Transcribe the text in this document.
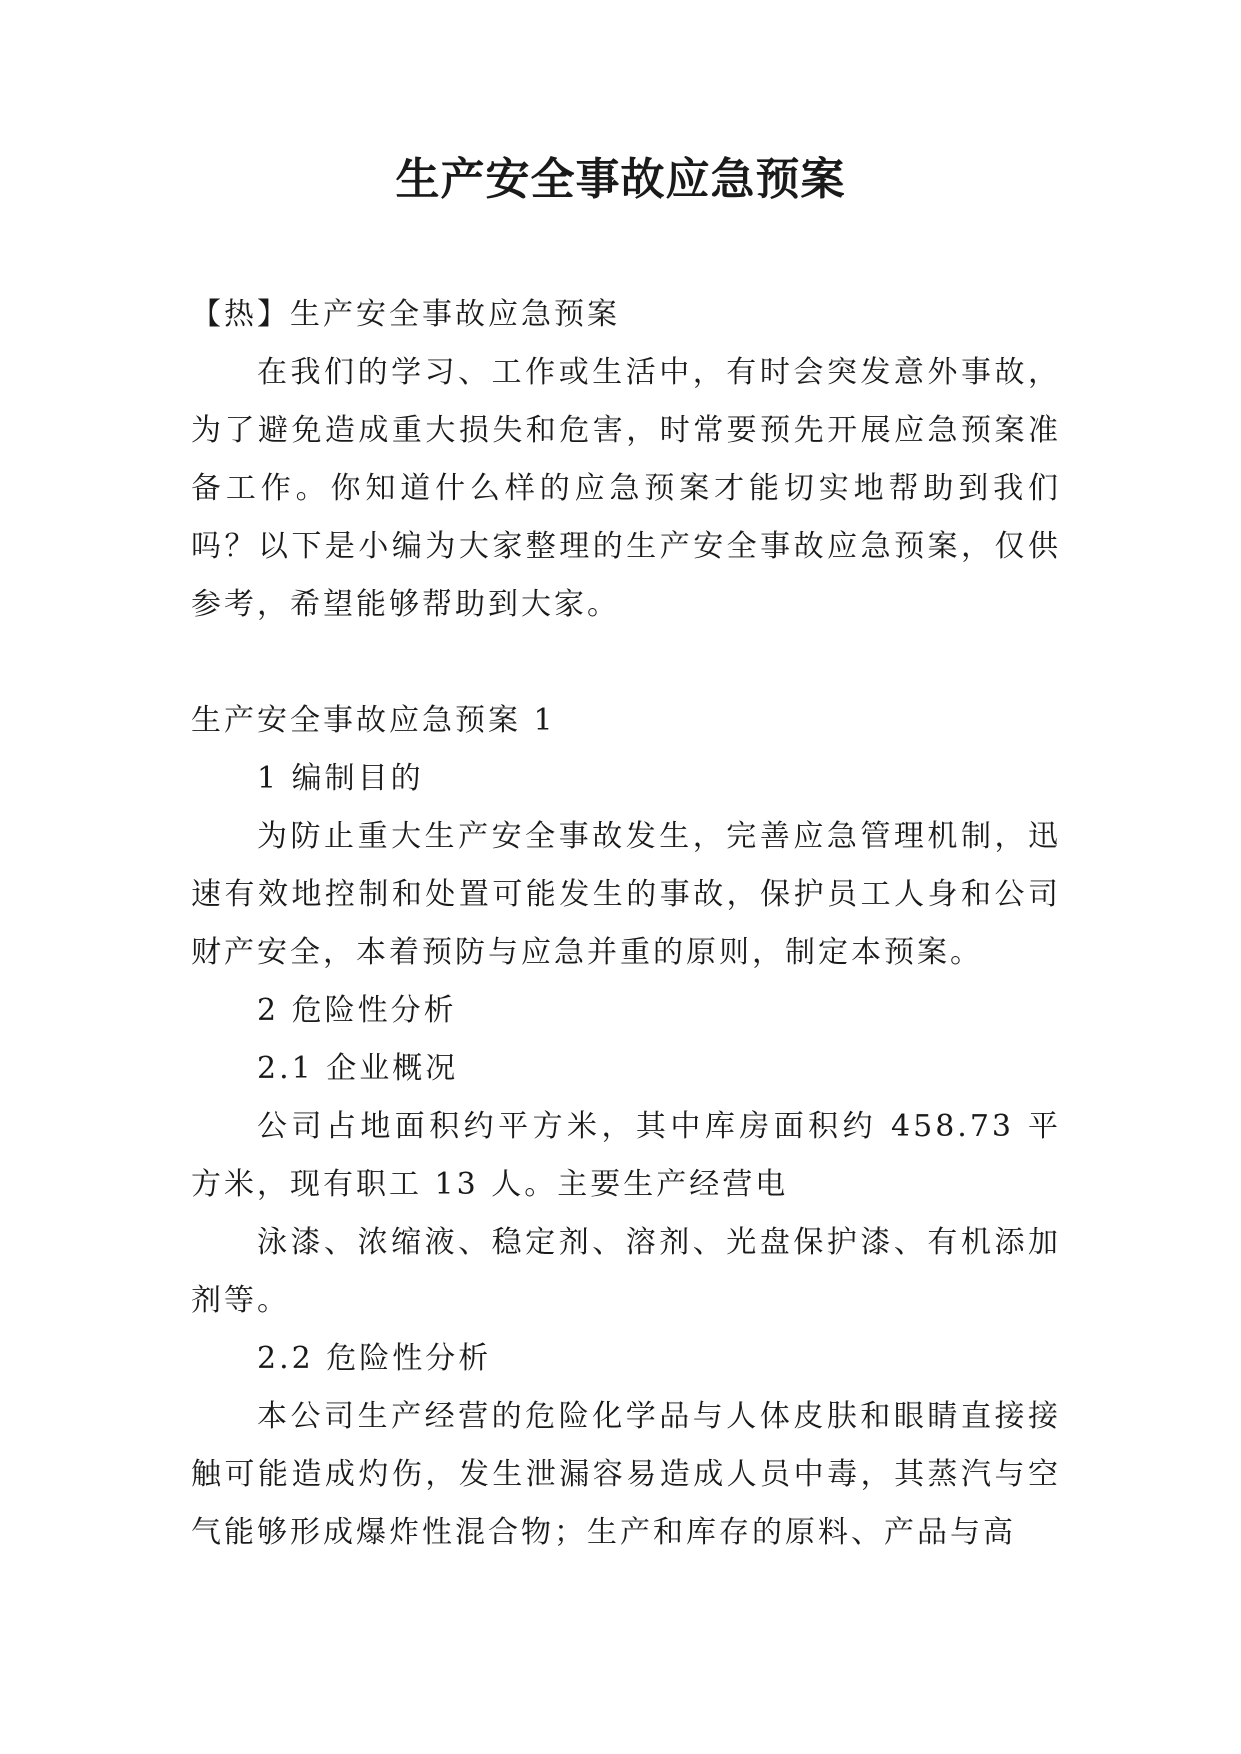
生产安全事故应急预案

【热】生产安全事故应急预案

在我们的学习、工作或生活中，有时会突发意外事故，为了避免造成重大损失和危害，时常要预先开展应急预案准备工作。你知道什么样的应急预案才能切实地帮助到我们吗？以下是小编为大家整理的生产安全事故应急预案，仅供参考，希望能够帮助到大家。

生产安全事故应急预案 1

1 编制目的

为防止重大生产安全事故发生，完善应急管理机制，迅速有效地控制和处置可能发生的事故，保护员工人身和公司财产安全，本着预防与应急并重的原则，制定本预案。

2 危险性分析

2.1 企业概况

公司占地面积约平方米，其中库房面积约 458.73 平方米，现有职工 13 人。主要生产经营电

泳漆、浓缩液、稳定剂、溶剂、光盘保护漆、有机添加剂等。

2.2 危险性分析

本公司生产经营的危险化学品与人体皮肤和眼睛直接接触可能造成灼伤，发生泄漏容易造成人员中毒，其蒸汽与空气能够形成爆炸性混合物；生产和库存的原料、产品与高
